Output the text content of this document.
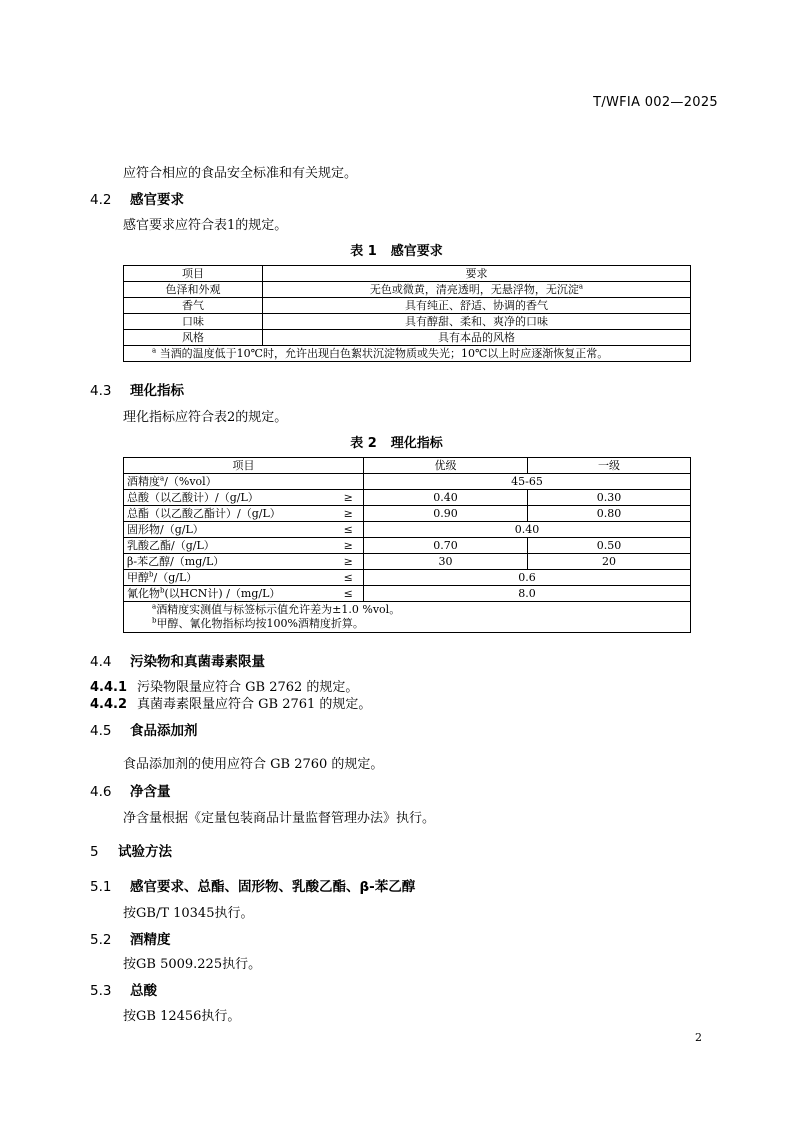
T/WFIA 002—2025
应符合相应的食品安全标准和有关规定。
4.2 感官要求
感官要求应符合表1的规定。
表 1 感官要求
项目	要求
色泽和外观	无色或微黄，清亮透明，无悬浮物，无沉淀$^a$
香气	具有纯正、舒适、协调的香气
口味	具有醇甜、柔和、爽净的口味
风格	具有本品的风格
$^a$ 当酒的温度低于10℃时，允许出现白色絮状沉淀物质或失光；10℃以上时应逐渐恢复正常。	
4.3 理化指标
理化指标应符合表2的规定。
表 2 理化指标
项目		优级	一级
酒精度$^a$/（%vol）		45-65	
总酸（以乙酸计）/（g/L）	≥	0.40	0.30
总酯（以乙酸乙酯计）/（g/L）	≥	0.90	0.80
固形物/（g/L）	≤	0.40	
乳酸乙酯/（g/L）	≥	0.70	0.50
β-苯乙醇/（mg/L）	≥	30	20
甲醇$^b$/（g/L）	≤	0.6	
氰化物$^b$(以HCN计) /（mg/L）	≤	8.0	

$^a$酒精度实测值与标签标示值允许差为±1.0 %vol。
$^b$甲醇、氰化物指标均按100%酒精度折算。			
4.4 污染物和真菌毒素限量
4.4.1 污染物限量应符合 GB 2762 的规定。
4.4.2 真菌毒素限量应符合 GB 2761 的规定。
4.5 食品添加剂
食品添加剂的使用应符合 GB 2760 的规定。
4.6 净含量
净含量根据《定量包装商品计量监督管理办法》执行。
5 试验方法
5.1 感官要求、总酯、固形物、乳酸乙酯、β-苯乙醇
按GB/T 10345执行。
5.2 酒精度
按GB 5009.225执行。
5.3 总酸
按GB 12456执行。
2
